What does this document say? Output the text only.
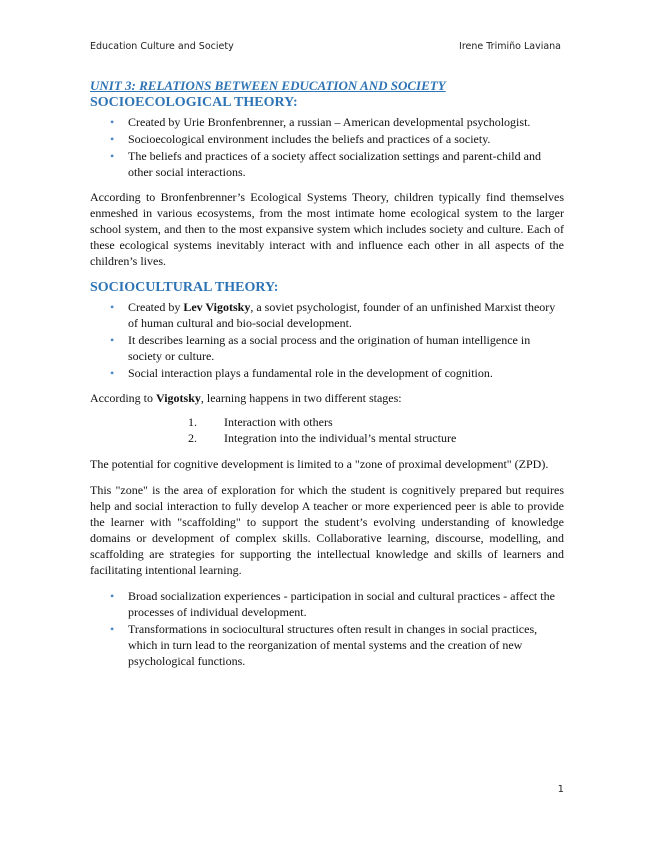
Education Culture and Society	Irene Trimiño Laviana
UNIT 3: RELATIONS BETWEEN EDUCATION AND SOCIETY
SOCIOECOLOGICAL THEORY:
• Created by Urie Bronfenbrenner, a russian – American developmental psychologist.
• Socioecological environment includes the beliefs and practices of a society.
• The beliefs and practices of a society affect socialization settings and parent-child and other social interactions.

According to Bronfenbrenner’s Ecological Systems Theory, children typically find themselves enmeshed in various ecosystems, from the most intimate home ecological system to the larger school system, and then to the most expansive system which includes society and culture. Each of these ecological systems inevitably interact with and influence each other in all aspects of the children’s lives.

SOCIOCULTURAL THEORY:
• Created by Lev Vigotsky, a soviet psychologist, founder of an unfinished Marxist theory of human cultural and bio-social development.
• It describes learning as a social process and the origination of human intelligence in society or culture.
• Social interaction plays a fundamental role in the development of cognition.

According to Vigotsky, learning happens in two different stages:

1.	Interaction with others
2.	Integration into the individual’s mental structure

The potential for cognitive development is limited to a "zone of proximal development" (ZPD).

This "zone" is the area of exploration for which the student is cognitively prepared but requires help and social interaction to fully develop A teacher or more experienced peer is able to provide the learner with "scaffolding" to support the student’s evolving understanding of knowledge domains or development of complex skills. Collaborative learning, discourse, modelling, and scaffolding are strategies for supporting the intellectual knowledge and skills of learners and facilitating intentional learning.

• Broad socialization experiences - participation in social and cultural practices - affect the processes of individual development.
• Transformations in sociocultural structures often result in changes in social practices, which in turn lead to the reorganization of mental systems and the creation of new psychological functions.
1
